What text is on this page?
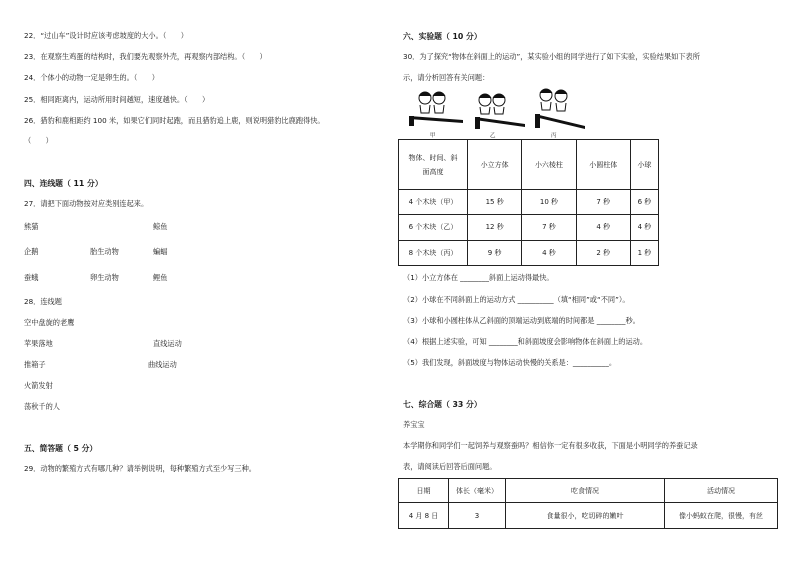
22．“过山车”设计时应该考虑坡度的大小。（　　）
23．在观察生鸡蛋的结构时，我们要先观察外壳，再观察内部结构。（　　）
24．个体小的动物一定是卵生的。（　　）
25．相同距离内，运动所用时间越短，速度越快。（　　）
26．猎豹和鹿相距约 100 米，如果它们同时起跑，而且猎豹追上鹿，则说明猎豹比鹿跑得快。
（　　）
四、连线题（ 11 分）
27．请把下面动物按对应类别连起来。
熊猫
企鹅
蚕蛾
胎生动物
卵生动物
鲸鱼
蝙蝠
鲤鱼
28．连线题
空中盘旋的老鹰
苹果落地
推箱子
火箭发射
荡秋千的人
直线运动
曲线运动
五、简答题（ 5 分）
29．动物的繁殖方式有哪几种？请举例说明，每种繁殖方式至少写三种。
六、实验题（ 10 分）
30．为了探究“物体在斜面上的运动”，某实验小组的同学进行了如下实验，实验结果如下表所
示，请分析回答有关问题：
甲	乙	丙
物体、时间、斜
面高度	小立方体	小六棱柱	小圆柱体	小球
4 个木块（甲）	15 秒	10 秒	7 秒	6 秒
6 个木块（乙）	12 秒	7 秒	4 秒	4 秒
8 个木块（丙）	9 秒	4 秒	2 秒	1 秒
（1）小立方体在 ________斜面上运动得最快。
（2）小球在不同斜面上的运动方式 __________（填“相同”或“不同”）。
（3）小球和小圆柱体从乙斜面的顶端运动到底端的时间都是 ________秒。
（4）根据上述实验，可知 ________和斜面坡度会影响物体在斜面上的运动。
（5）我们发现，斜面坡度与物体运动快慢的关系是：__________。
七、综合题（ 33 分）
养宝宝
本学期你和同学们一起饲养与观察蚕吗？相信你一定有很多收获，下面是小明同学的养蚕记录
表，请阅读后回答后面问题。
日期	体长（毫米）	吃食情况	活动情况
4 月 8 日	3	食量很小，吃切碎的嫩叶	像小蚂蚁在爬，很慢，有丝
